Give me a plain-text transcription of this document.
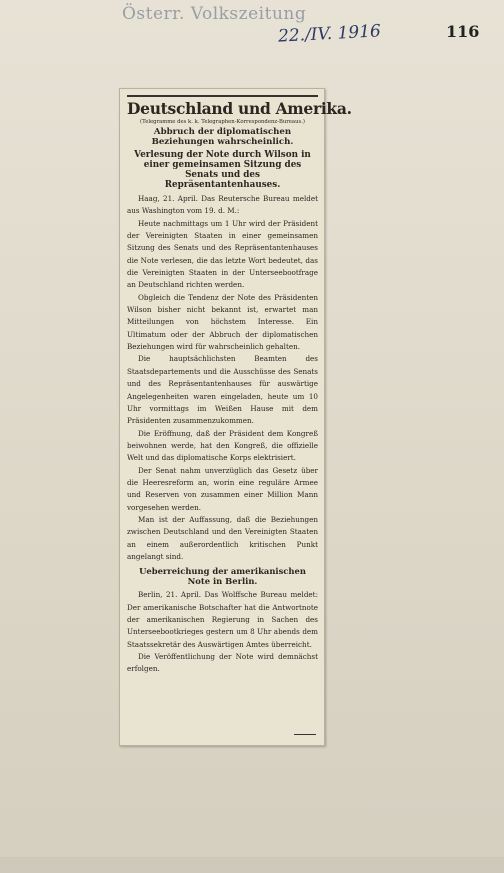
Österr. Volkszeitung
22./IV. 1916	116
Deutschland und Amerika.
(Telegramme des k. k. Telegraphen-Korrespondenz-Bureaus.)
Abbruch der diplomatischen Beziehungen wahrscheinlich.
Verlesung der Note durch Wilson in einer gemeinsamen Sitzung des Senats und des Repräsentantenhauses.

Haag, 21. April. Das Reutersche Bureau meldet aus Washington vom 19. d. M.:

Heute nachmittags um 1 Uhr wird der Präsident der Vereinigten Staaten in einer gemeinsamen Sitzung des Senats und des Repräsentantenhauses die Note verlesen, die das letzte Wort bedeutet, das die Vereinigten Staaten in der Unterseebootfrage an Deutschland richten werden.

Obgleich die Tendenz der Note des Präsidenten Wilson bisher nicht bekannt ist, erwartet man Mitteilungen von höchstem Interesse. Ein Ultimatum oder der Abbruch der diplomatischen Beziehungen wird für wahrscheinlich gehalten.

Die hauptsächlichsten Beamten des Staatsdepartements und die Ausschüsse des Senats und des Repräsentantenhauses für auswärtige Angelegenheiten waren eingeladen, heute um 10 Uhr vormittags im Weißen Hause mit dem Präsidenten zusammenzukommen.

Die Eröffnung, daß der Präsident dem Kongreß beiwohnen werde, hat den Kongreß, die offizielle Welt und das diplomatische Korps elektrisiert.

Der Senat nahm unverzüglich das Gesetz über die Heeresreform an, worin eine reguläre Armee und Reserven von zusammen einer Million Mann vorgesehen werden.

Man ist der Auffassung, daß die Beziehungen zwischen Deutschland und den Vereinigten Staaten an einem außerordentlich kritischen Punkt angelangt sind.

Ueberreichung der amerikanischen Note in Berlin.

Berlin, 21. April. Das Wolffsche Bureau meldet: Der amerikanische Botschafter hat die Antwortnote der amerikanischen Regierung in Sachen des Unterseebootkrieges gestern um 8 Uhr abends dem Staatssekretär des Auswärtigen Amtes überreicht.

Die Veröffentlichung der Note wird demnächst erfolgen.
